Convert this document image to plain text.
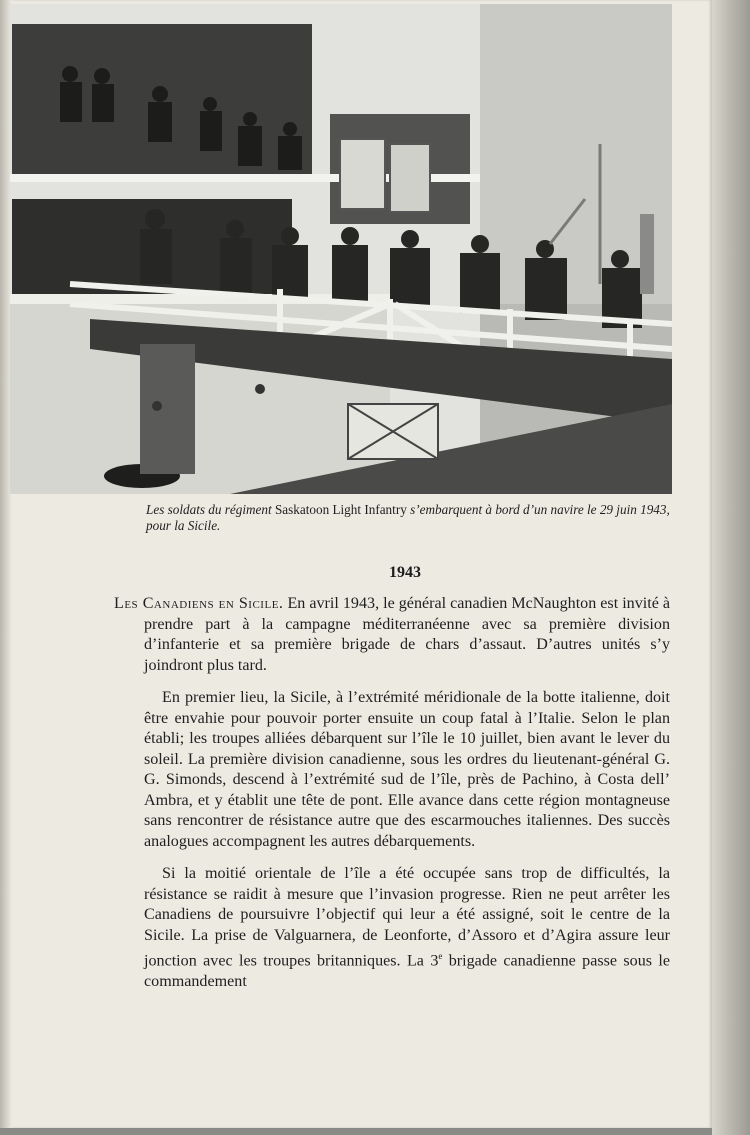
Les soldats du régiment Saskatoon Light Infantry s’embarquent à bord d’un navire le 29 juin 1943, pour la Sicile.

1943

Les Canadiens en Sicile. En avril 1943, le général canadien McNaughton est invité à prendre part à la campagne méditerranéenne avec sa première division d’infanterie et sa première brigade de chars d’assaut. D’autres unités s’y joindront plus tard.

En premier lieu, la Sicile, à l’extrémité méridionale de la botte italienne, doit être envahie pour pouvoir porter ensuite un coup fatal à l’Italie. Selon le plan établi; les troupes alliées débarquent sur l’île le 10 juillet, bien avant le lever du soleil. La première division canadienne, sous les ordres du lieutenant-général G. G. Simonds, descend à l’extrémité sud de l’île, près de Pachino, à Costa dell’ Ambra, et y établit une tête de pont. Elle avance dans cette région montagneuse sans rencontrer de résistance autre que des escarmouches italiennes. Des succès analogues accompagnent les autres débarquements.

Si la moitié orientale de l’île a été occupée sans trop de difficultés, la résistance se raidit à mesure que l’invasion progresse. Rien ne peut arrêter les Canadiens de poursuivre l’objectif qui leur a été assigné, soit le centre de la Sicile. La prise de Valguarnera, de Leonforte, d’Assoro et d’Agira assure leur jonction avec les troupes britanniques. La 3e brigade canadienne passe sous le commandement
